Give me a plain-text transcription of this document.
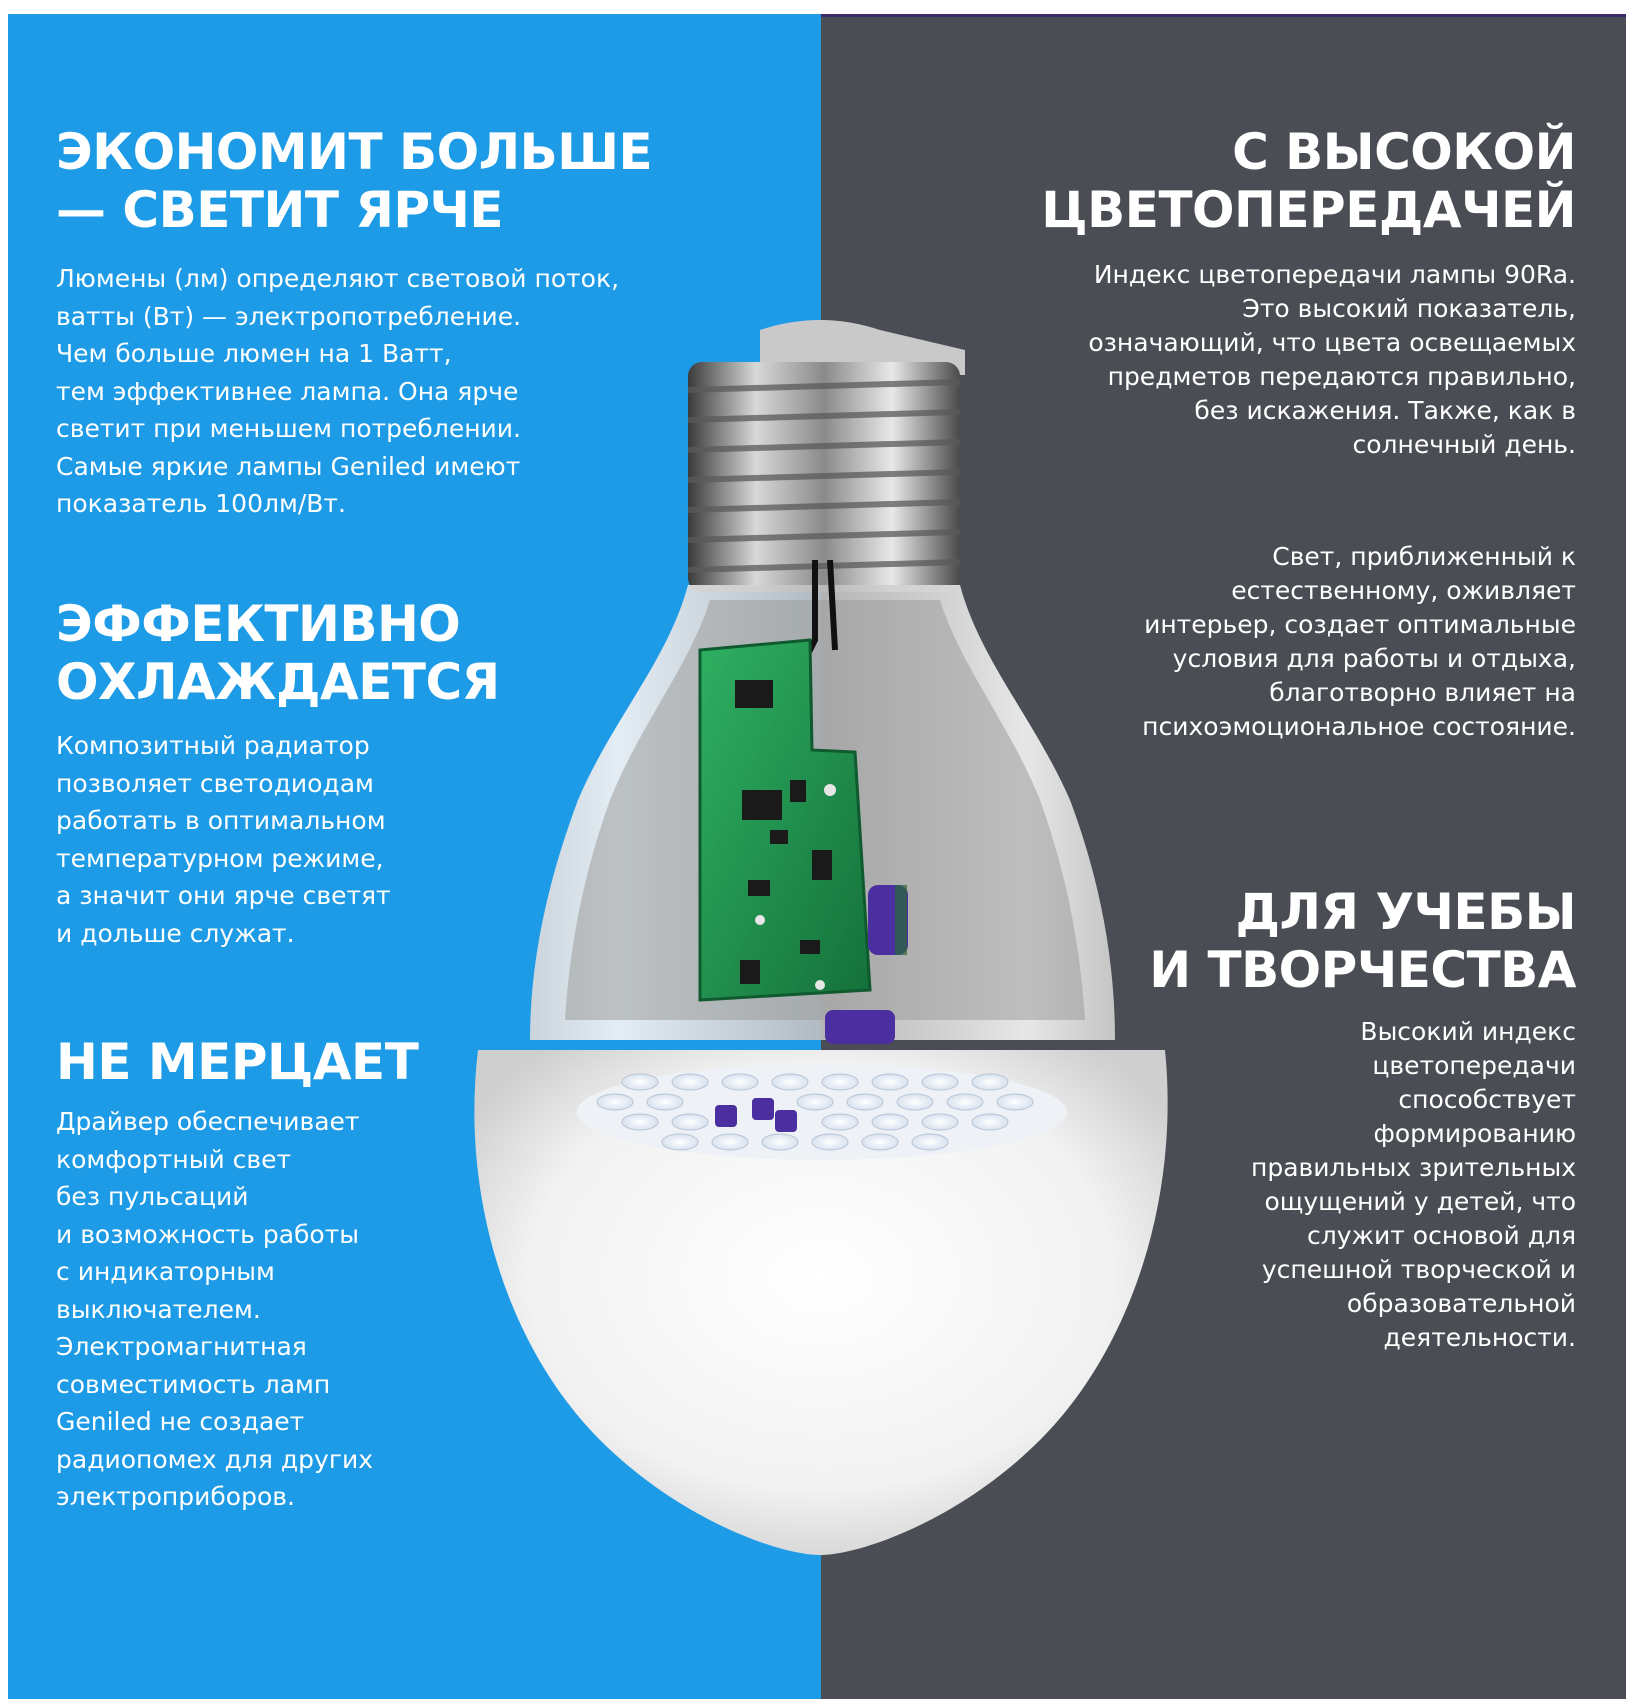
ЭКОНОМИТ БОЛЬШЕ
— СВЕТИТ ЯРЧЕ

Люмены (лм) определяют световой поток,
ватты (Вт) — электропотребление.
Чем больше люмен на 1 Ватт,
тем эффективнее лампа. Она ярче
светит при меньшем потреблении.
Самые яркие лампы Geniled имеют
показатель 100лм/Вт.

ЭФФЕКТИВНО
ОХЛАЖДАЕТСЯ

Композитный радиатор
позволяет светодиодам
работать в оптимальном
температурном режиме,
а значит они ярче светят
и дольше служат.

НЕ МЕРЦАЕТ

Драйвер обеспечивает
комфортный свет
без пульсаций
и возможность работы
с индикаторным
выключателем.
Электромагнитная
совместимость ламп
Geniled не создает
радиопомех для других
электроприборов.

С ВЫСОКОЙ
ЦВЕТОПЕРЕДАЧЕЙ

Индекс цветопередачи лампы 90Ra.
Это высокий показатель,
означающий, что цвета освещаемых
предметов передаются правильно,
без искажения. Также, как в
солнечный день.

Свет, приближенный к
естественному, оживляет
интерьер, создает оптимальные
условия для работы и отдыха,
благотворно влияет на
психоэмоциональное состояние.

ДЛЯ УЧЕБЫ
И ТВОРЧЕСТВА

Высокий индекс
цветопередачи
способствует
формированию
правильных зрительных
ощущений у детей, что
служит основой для
успешной творческой и
образовательной
деятельности.
